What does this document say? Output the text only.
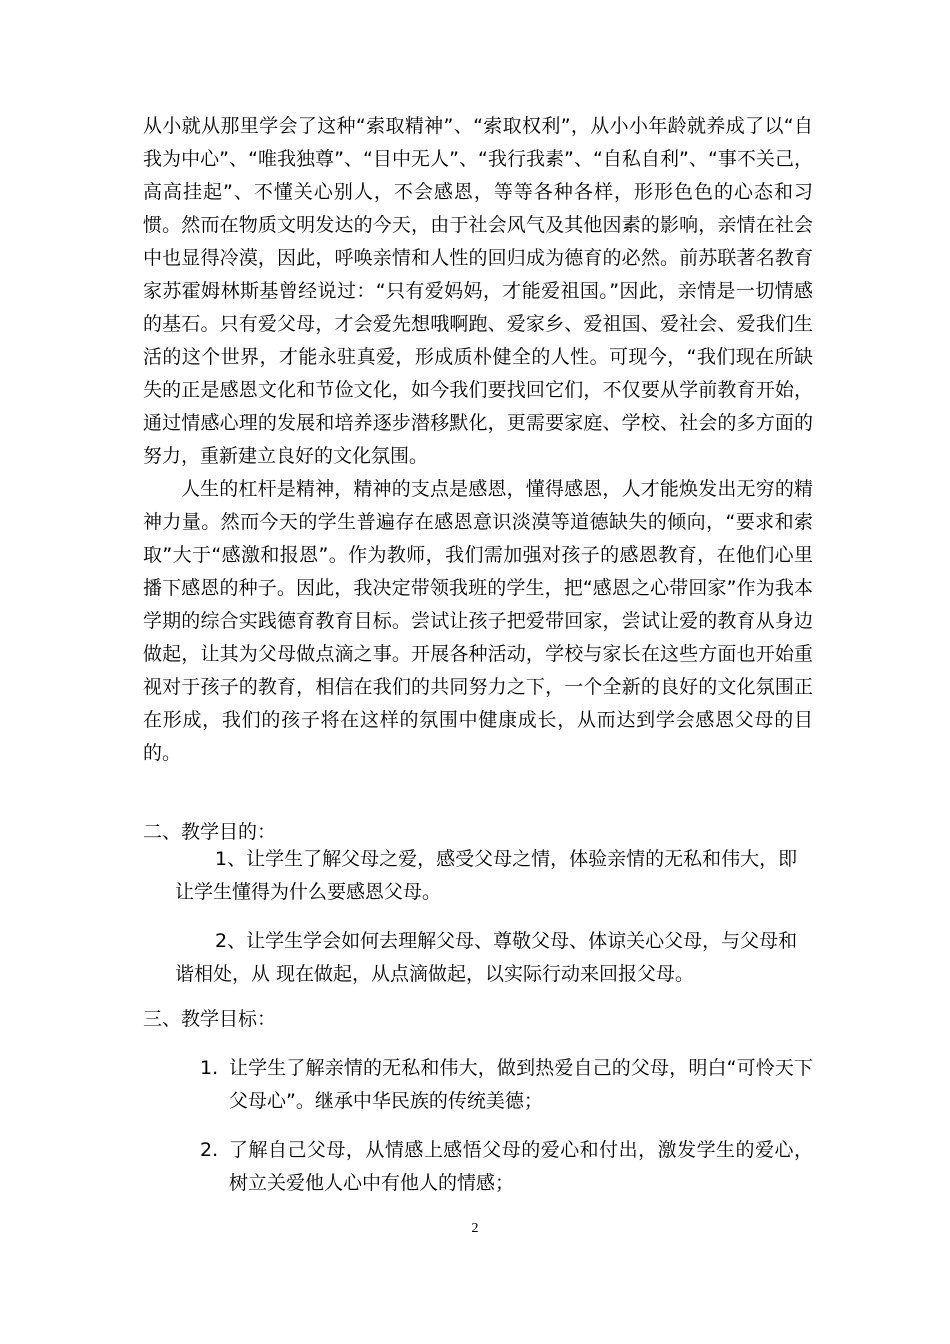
从小就从那里学会了这种“索取精神”、“索取权利”，从小小年龄就养成了以“自我为中心”、“唯我独尊”、“目中无人”、“我行我素”、“自私自利”、“事不关己，高高挂起”、不懂关心别人，不会感恩，等等各种各样，形形色色的心态和习惯。然而在物质文明发达的今天，由于社会风气及其他因素的影响，亲情在社会中也显得冷漠，因此，呼唤亲情和人性的回归成为德育的必然。前苏联著名教育家苏霍姆林斯基曾经说过：“只有爱妈妈，才能爱祖国。”因此，亲情是一切情感的基石。只有爱父母，才会爱先想哦啊跑、爱家乡、爱祖国、爱社会、爱我们生活的这个世界，才能永驻真爱，形成质朴健全的人性。可现今，“我们现在所缺失的正是感恩文化和节俭文化，如今我们要找回它们，不仅要从学前教育开始，通过情感心理的发展和培养逐步潜移默化，更需要家庭、学校、社会的多方面的努力，重新建立良好的文化氛围。

人生的杠杆是精神，精神的支点是感恩，懂得感恩，人才能焕发出无穷的精神力量。然而今天的学生普遍存在感恩意识淡漠等道德缺失的倾向，“要求和索取”大于“感激和报恩”。作为教师，我们需加强对孩子的感恩教育，在他们心里播下感恩的种子。因此，我决定带领我班的学生，把“感恩之心带回家”作为我本学期的综合实践德育教育目标。尝试让孩子把爱带回家，尝试让爱的教育从身边做起，让其为父母做点滴之事。开展各种活动，学校与家长在这些方面也开始重视对于孩子的教育，相信在我们的共同努力之下，一个全新的良好的文化氛围正在形成，我们的孩子将在这样的氛围中健康成长，从而达到学会感恩父母的目的。

二、教学目的：

1、让学生了解父母之爱，感受父母之情，体验亲情的无私和伟大，即
让学生懂得为什么要感恩父母。

2、让学生学会如何去理解父母、尊敬父母、体谅关心父母，与父母和
谐相处，从 现在做起，从点滴做起，以实际行动来回报父母。

三、教学目标：
1. 让学生了解亲情的无私和伟大，做到热爱自己的父母，明白“可怜天下父母心”。继承中华民族的传统美德；
2. 了解自己父母，从情感上感悟父母的爱心和付出，激发学生的爱心，树立关爱他人心中有他人的情感；
2
